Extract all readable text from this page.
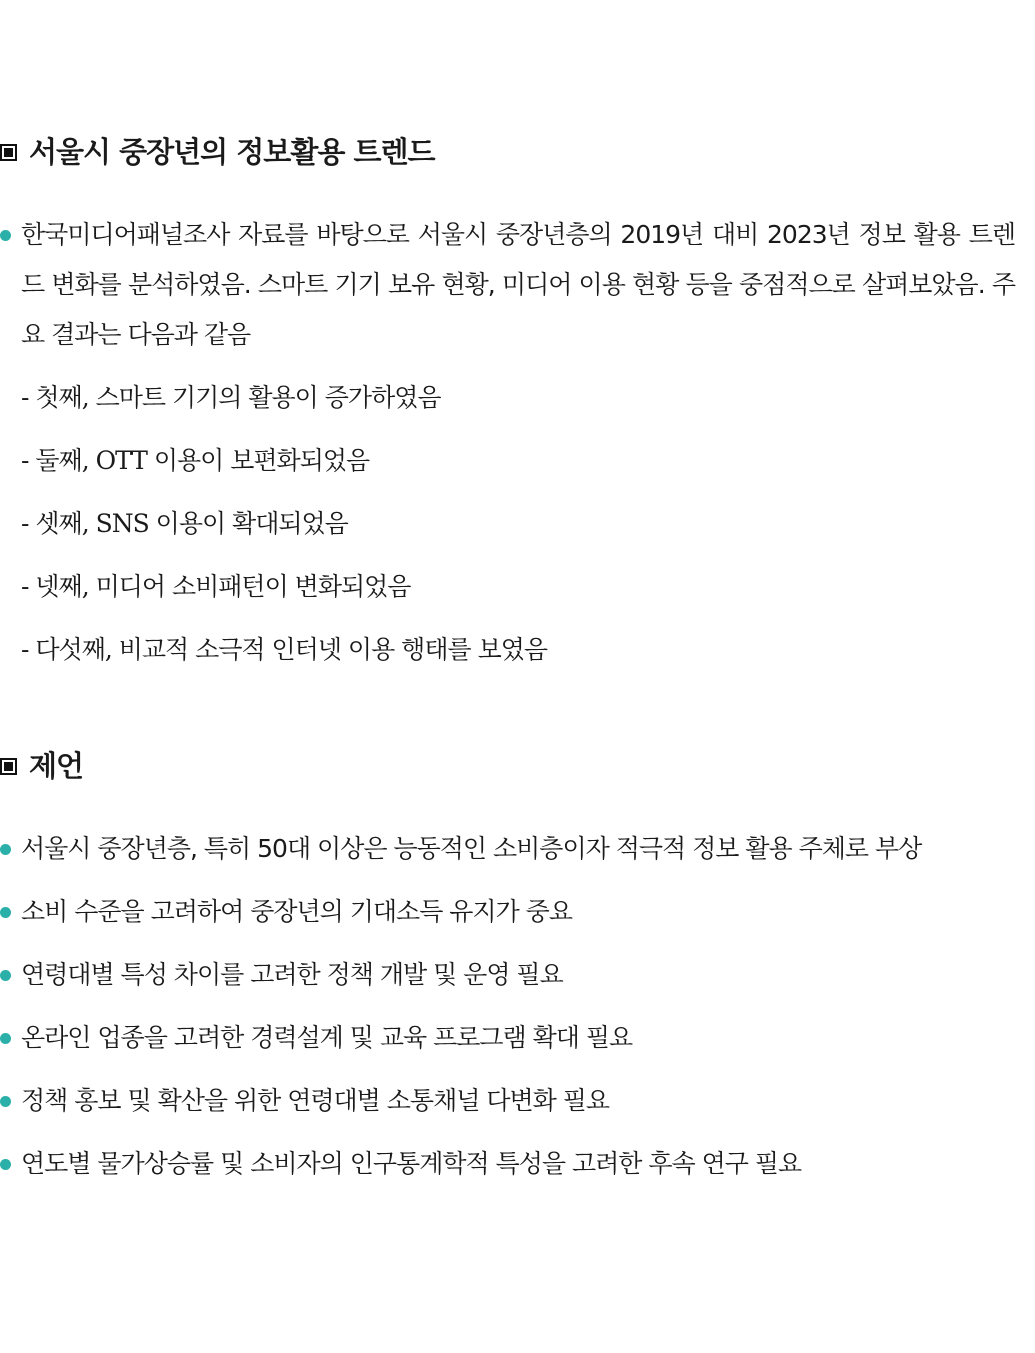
서울시 중장년의 정보활용 트렌드
한국미디어패널조사 자료를 바탕으로 서울시 중장년층의 2019년 대비 2023년 정보 활용 트렌드 변화를 분석하였음. 스마트 기기 보유 현황, 미디어 이용 현황 등을 중점적으로 살펴보았음. 주요 결과는 다음과 같음
- 첫째, 스마트 기기의 활용이 증가하였음
- 둘째, OTT 이용이 보편화되었음
- 셋째, SNS 이용이 확대되었음
- 넷째, 미디어 소비패턴이 변화되었음
- 다섯째, 비교적 소극적 인터넷 이용 행태를 보였음
제언
서울시 중장년층, 특히 50대 이상은 능동적인 소비층이자 적극적 정보 활용 주체로 부상
소비 수준을 고려하여 중장년의 기대소득 유지가 중요
연령대별 특성 차이를 고려한 정책 개발 및 운영 필요
온라인 업종을 고려한 경력설계 및 교육 프로그램 확대 필요
정책 홍보 및 확산을 위한 연령대별 소통채널 다변화 필요
연도별 물가상승률 및 소비자의 인구통계학적 특성을 고려한 후속 연구 필요
